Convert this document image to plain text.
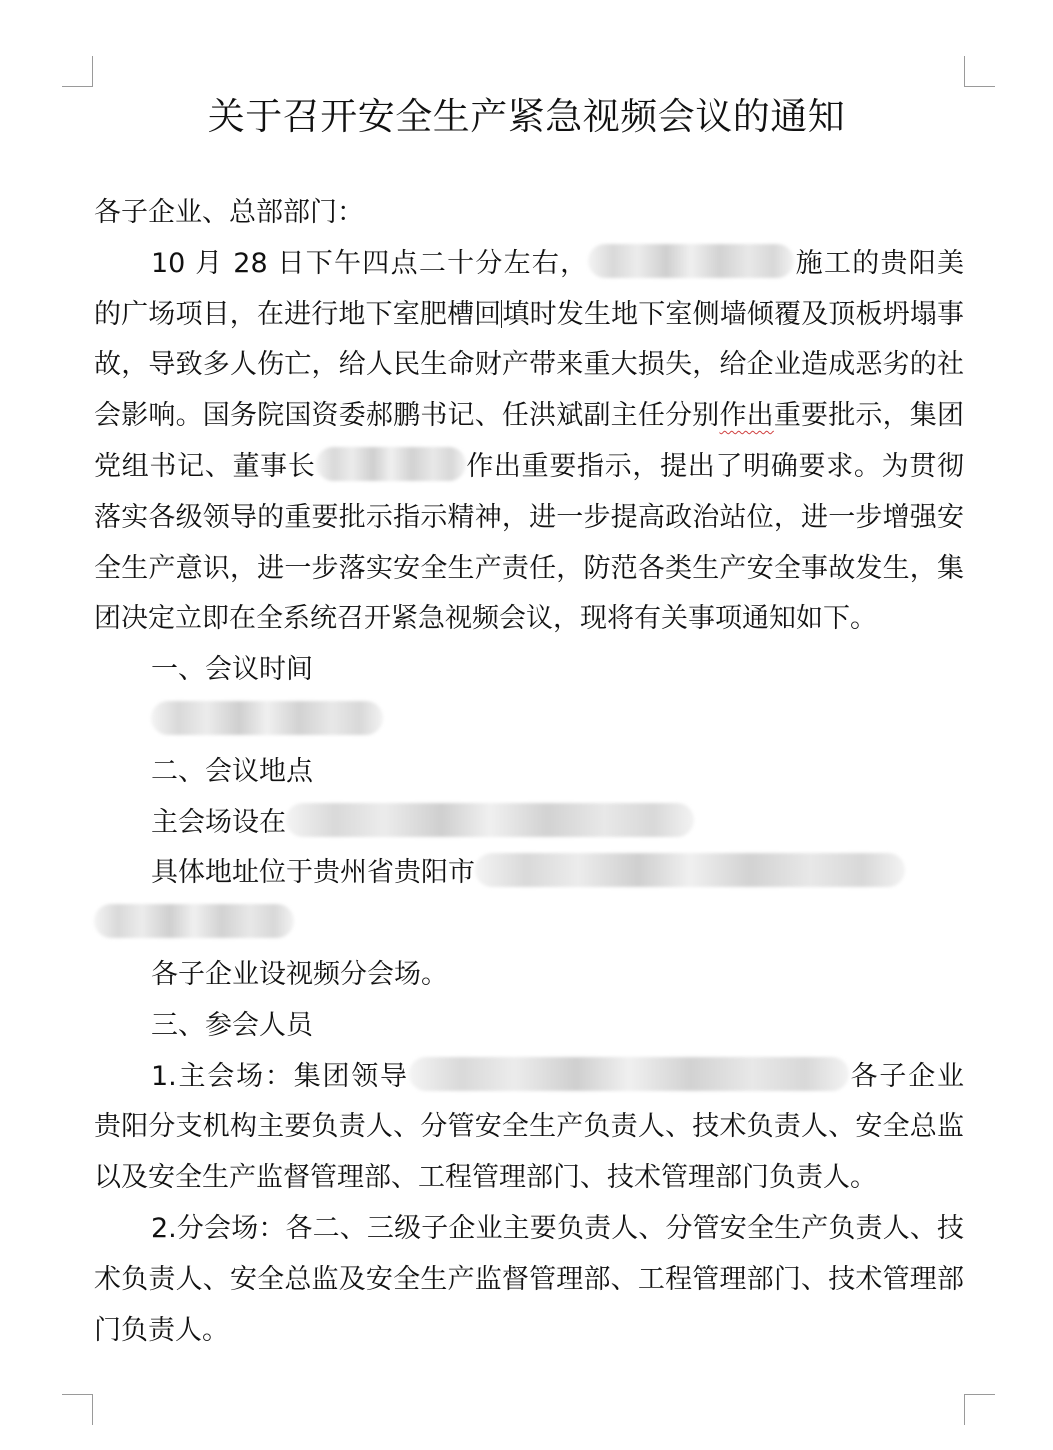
关于召开安全生产紧急视频会议的通知

各子企业、总部部门：

10 月 28 日下午四点二十分左右，	施工的贵阳美的广场项目，在进行地下室肥槽回填时发生地下室侧墙倾覆及顶板坍塌事故，导致多人伤亡，给人民生命财产带来重大损失，给企业造成恶劣的社会影响。国务院国资委郝鹏书记、任洪斌副主任分别作出重要批示，集团党组书记、董事长	作出重要指示，提出了明确要求。为贯彻落实各级领导的重要批示指示精神，进一步提高政治站位，进一步增强安全生产意识，进一步落实安全生产责任，防范各类生产安全事故发生，集团决定立即在全系统召开紧急视频会议，现将有关事项通知如下。

一、会议时间

二、会议地点

主会场设在

具体地址位于贵州省贵阳市

各子企业设视频分会场。

三、参会人员

1.主会场：集团领导	各子企业贵阳分支机构主要负责人、分管安全生产负责人、技术负责人、安全总监以及安全生产监督管理部、工程管理部门、技术管理部门负责人。

2.分会场：各二、三级子企业主要负责人、分管安全生产负责人、技术负责人、安全总监及安全生产监督管理部、工程管理部门、技术管理部门负责人。
